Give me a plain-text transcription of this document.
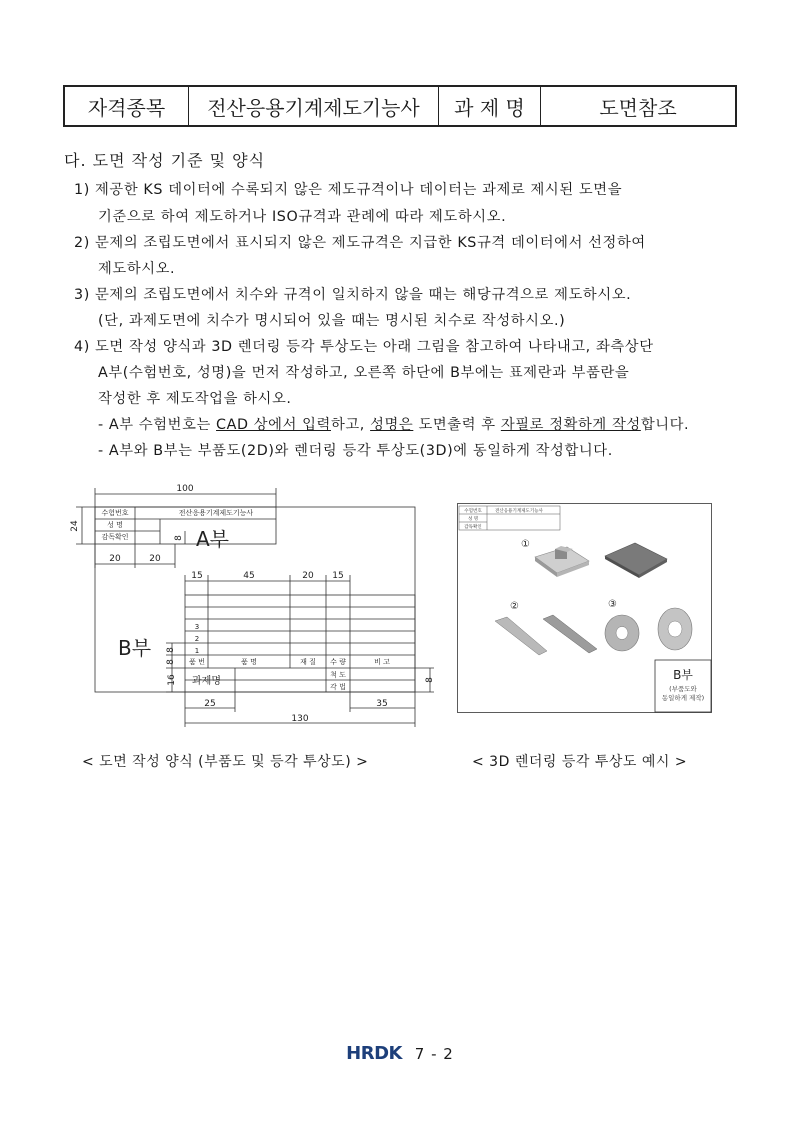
자격종목	전산응용기계제도기능사	과 제 명	도면참조
다. 도면 작성 기준 및 양식
1) 제공한 KS 데이터에 수록되지 않은 제도규격이나 데이터는 과제로 제시된 도면을
기준으로 하여 제도하거나 ISO규격과 관례에 따라 제도하시오.
2) 문제의 조립도면에서 표시되지 않은 제도규격은 지급한 KS규격 데이터에서 선정하여
제도하시오.
3) 문제의 조립도면에서 치수와 규격이 일치하지 않을 때는 해당규격으로 제도하시오.
(단, 과제도면에 치수가 명시되어 있을 때는 명시된 치수로 작성하시오.)
4) 도면 작성 양식과 3D 렌더링 등각 투상도는 아래 그림을 참고하여 나타내고, 좌측상단
A부(수험번호, 성명)을 먼저 작성하고, 오른쪽 하단에 B부에는 표제란과 부품란을
작성한 후 제도작업을 하시오.
- A부 수험번호는 CAD 상에서 입력하고, 성명은 도면출력 후 자필로 정확하게 작성합니다.
- A부와 B부는 부품도(2D)와 렌더링 등각 투상도(3D)에 동일하게 작성합니다.
100
24
20	20
8
수험번호
성 명
감독확인
전산응용기계제도기능사
A부
B부
15	45	20 15
3
2
1
품 번	품 명	재 질 수 량	비 고
과제명
척 도
각 법
8
8
16
25	35
130
8
수험번호
성 명
감독확인
전산응용기계제도기능사
①
②	③
B부
(부품도와
동일하게 제작)
< 도면 작성 양식 (부품도 및 등각 투상도) >	< 3D 렌더링 등각 투상도 예시 >
HRDK 7 - 2
